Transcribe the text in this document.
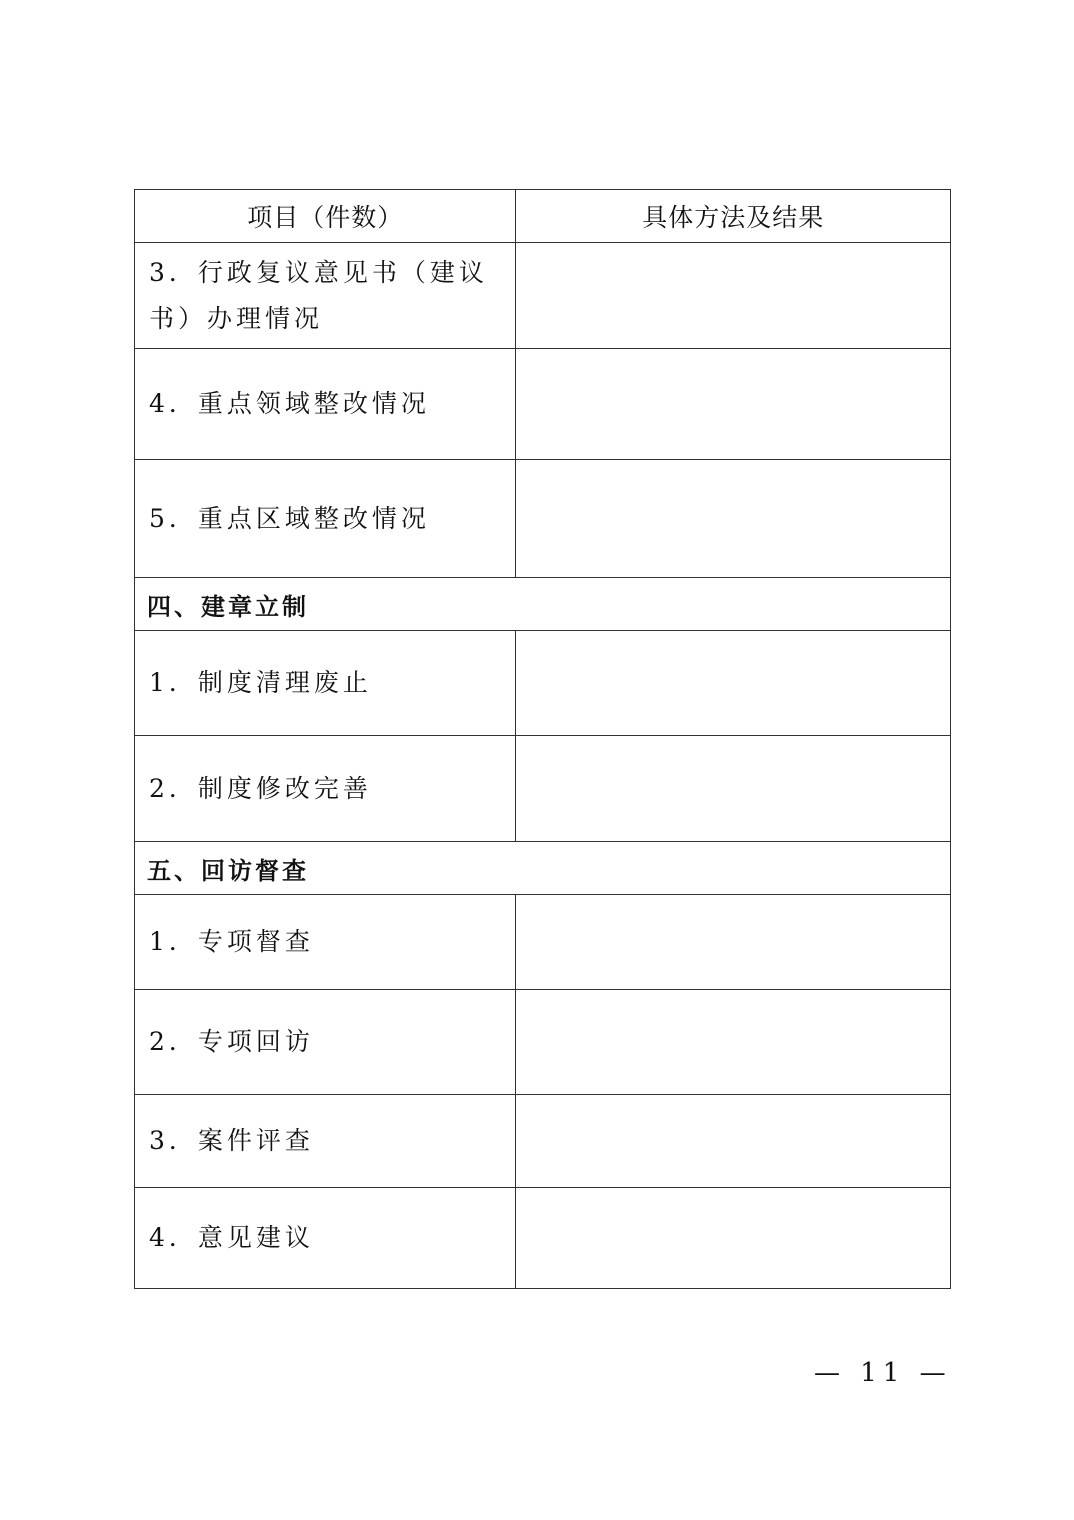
项目（件数）	具体方法及结果
3．行政复议意见书（建议书）办理情况	
4．重点领域整改情况	
5．重点区域整改情况	
四、建章立制	
1．制度清理废止	
2．制度修改完善	
五、回访督查	
1．专项督查	
2．专项回访	
3．案件评查	
4．意见建议	
— 11 —
